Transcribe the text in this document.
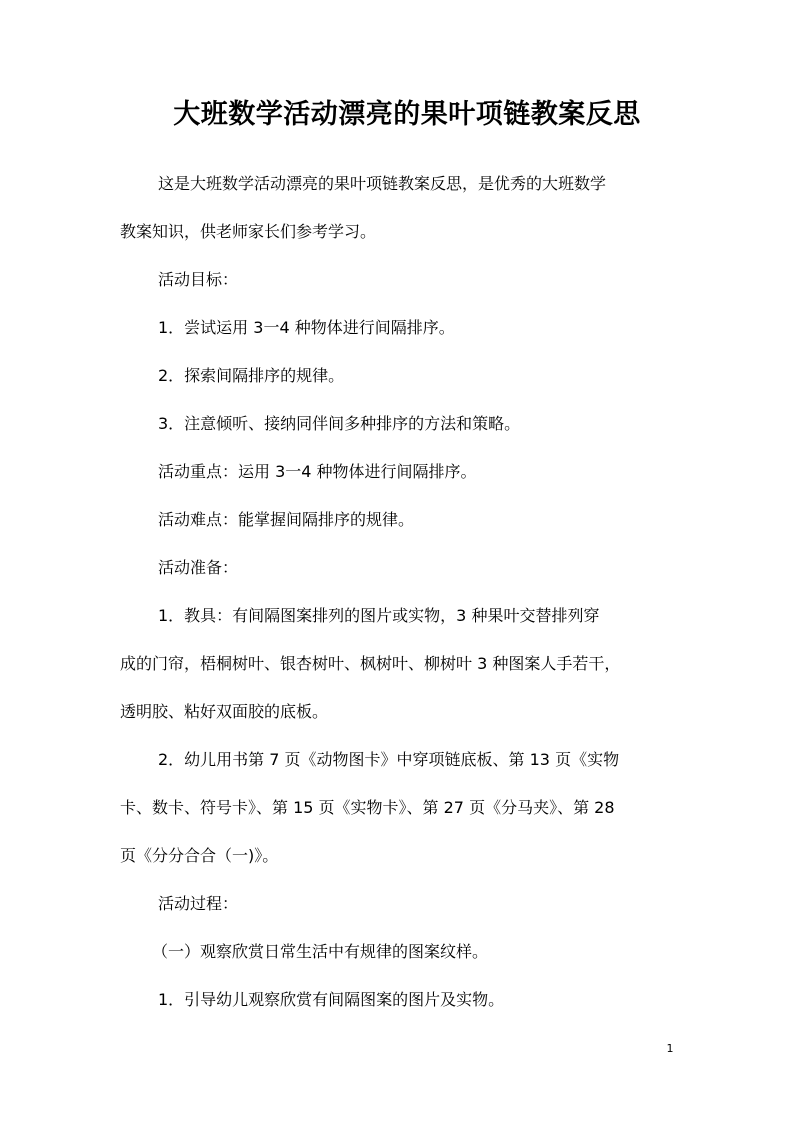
大班数学活动漂亮的果叶项链教案反思
这是大班数学活动漂亮的果叶项链教案反思，是优秀的大班数学
教案知识，供老师家长们参考学习。
活动目标：
1．尝试运用 3一4 种物体进行间隔排序。
2．探索间隔排序的规律。
3．注意倾听、接纳同伴间多种排序的方法和策略。
活动重点：运用 3一4 种物体进行间隔排序。
活动难点：能掌握间隔排序的规律。
活动准备：
1．教具：有间隔图案排列的图片或实物，3 种果叶交替排列穿
成的门帘，梧桐树叶、银杏树叶、枫树叶、柳树叶 3 种图案人手若干，
透明胶、粘好双面胶的底板。
2．幼儿用书第 7 页《动物图卡》中穿项链底板、第 13 页《实物
卡、数卡、符号卡》、第 15 页《实物卡》、第 27 页《分马夹》、第 28
页《分分合合（一)》。
活动过程：
（一）观察欣赏日常生活中有规律的图案纹样。
1．引导幼儿观察欣赏有间隔图案的图片及实物。
1
